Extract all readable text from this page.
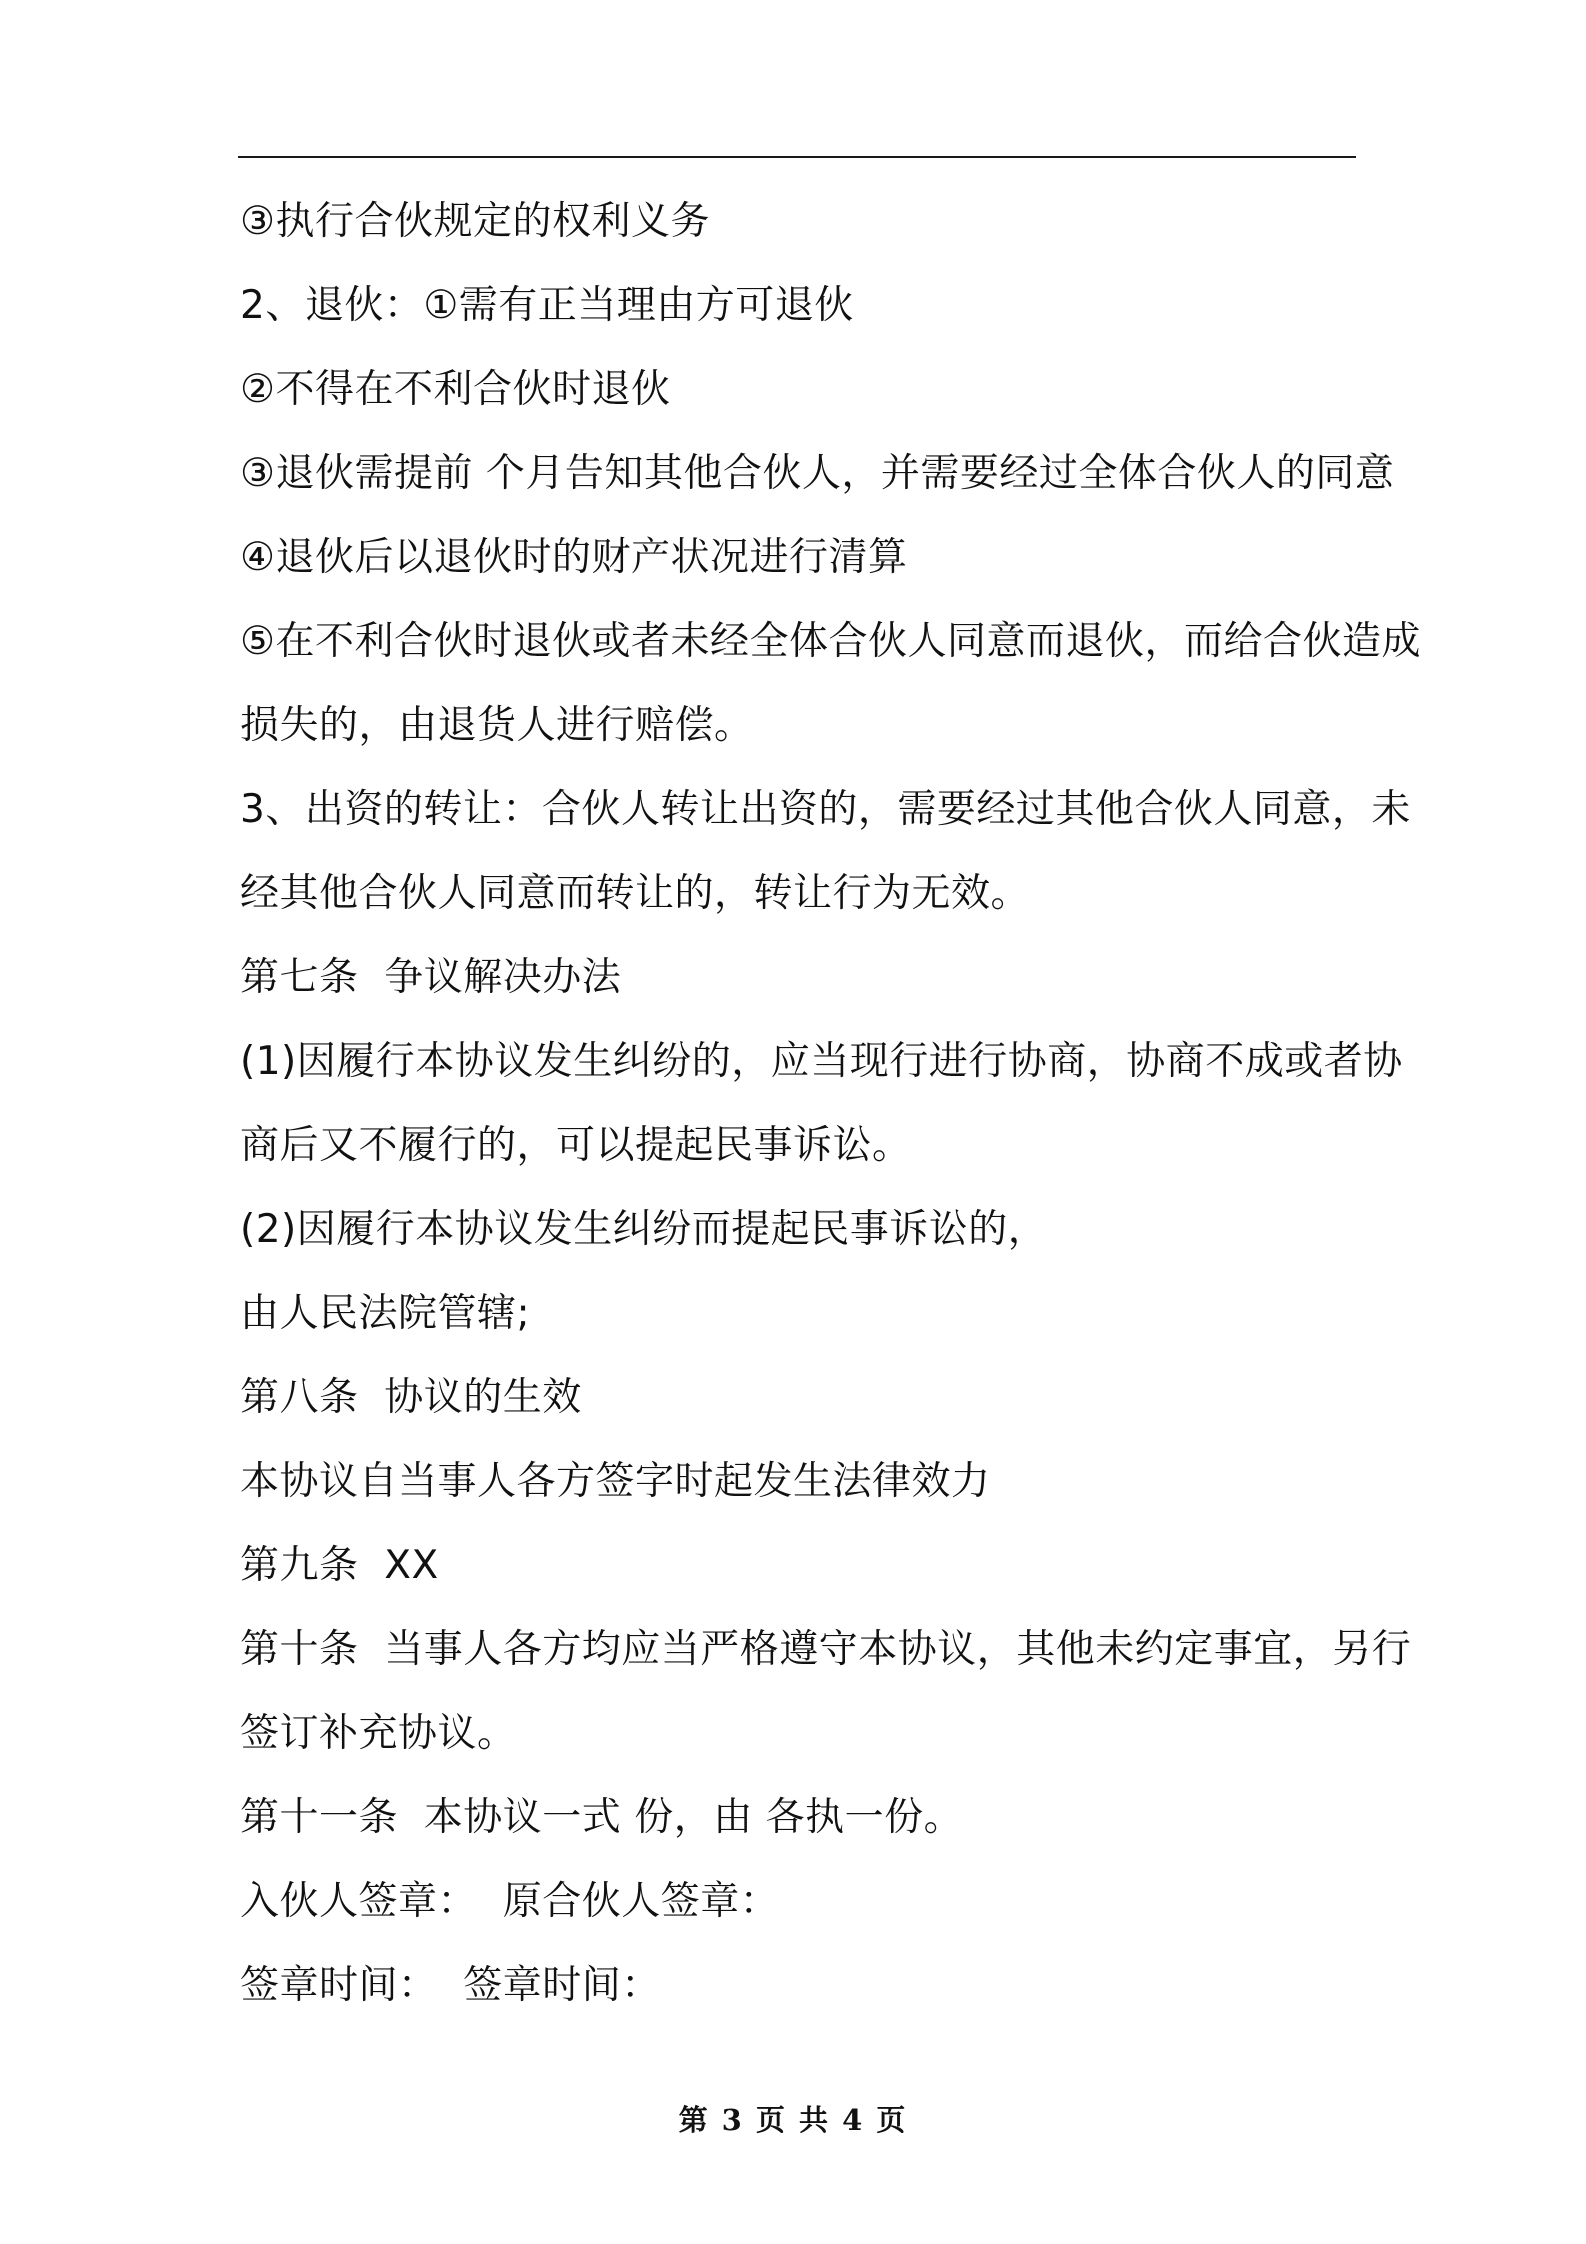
③执行合伙规定的权利义务
2、退伙：①需有正当理由方可退伙
②不得在不利合伙时退伙
③退伙需提前 个月告知其他合伙人，并需要经过全体合伙人的同意
④退伙后以退伙时的财产状况进行清算
⑤在不利合伙时退伙或者未经全体合伙人同意而退伙，而给合伙造成
损失的，由退货人进行赔偿。
3、出资的转让：合伙人转让出资的，需要经过其他合伙人同意，未
经其他合伙人同意而转让的，转让行为无效。
第七条  争议解决办法
(1)因履行本协议发生纠纷的，应当现行进行协商，协商不成或者协
商后又不履行的，可以提起民事诉讼。
(2)因履行本协议发生纠纷而提起民事诉讼的，
由人民法院管辖;
第八条  协议的生效
本协议自当事人各方签字时起发生法律效力
第九条  XX
第十条  当事人各方均应当严格遵守本协议，其他未约定事宜，另行
签订补充协议。
第十一条  本协议一式 份，由 各执一份。
入伙人签章：  原合伙人签章：
签章时间：  签章时间：
第 3 页 共 4 页
